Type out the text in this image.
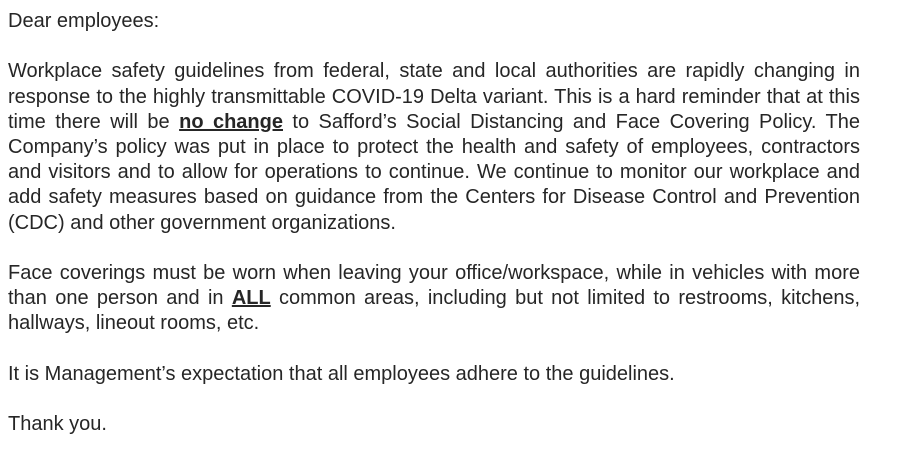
Dear employees:

Workplace safety guidelines from federal, state and local authorities are rapidly changing in response to the highly transmittable COVID-19 Delta variant. This is a hard reminder that at this time there will be no change to Safford’s Social Distancing and Face Covering Policy. The Company’s policy was put in place to protect the health and safety of employees, contractors and visitors and to allow for operations to continue. We continue to monitor our workplace and add safety measures based on guidance from the Centers for Disease Control and Prevention (CDC) and other government organizations.

Face coverings must be worn when leaving your office/workspace, while in vehicles with more than one person and in ALL common areas, including but not limited to restrooms, kitchens, hallways, lineout rooms, etc.

It is Management’s expectation that all employees adhere to the guidelines.

Thank you.
